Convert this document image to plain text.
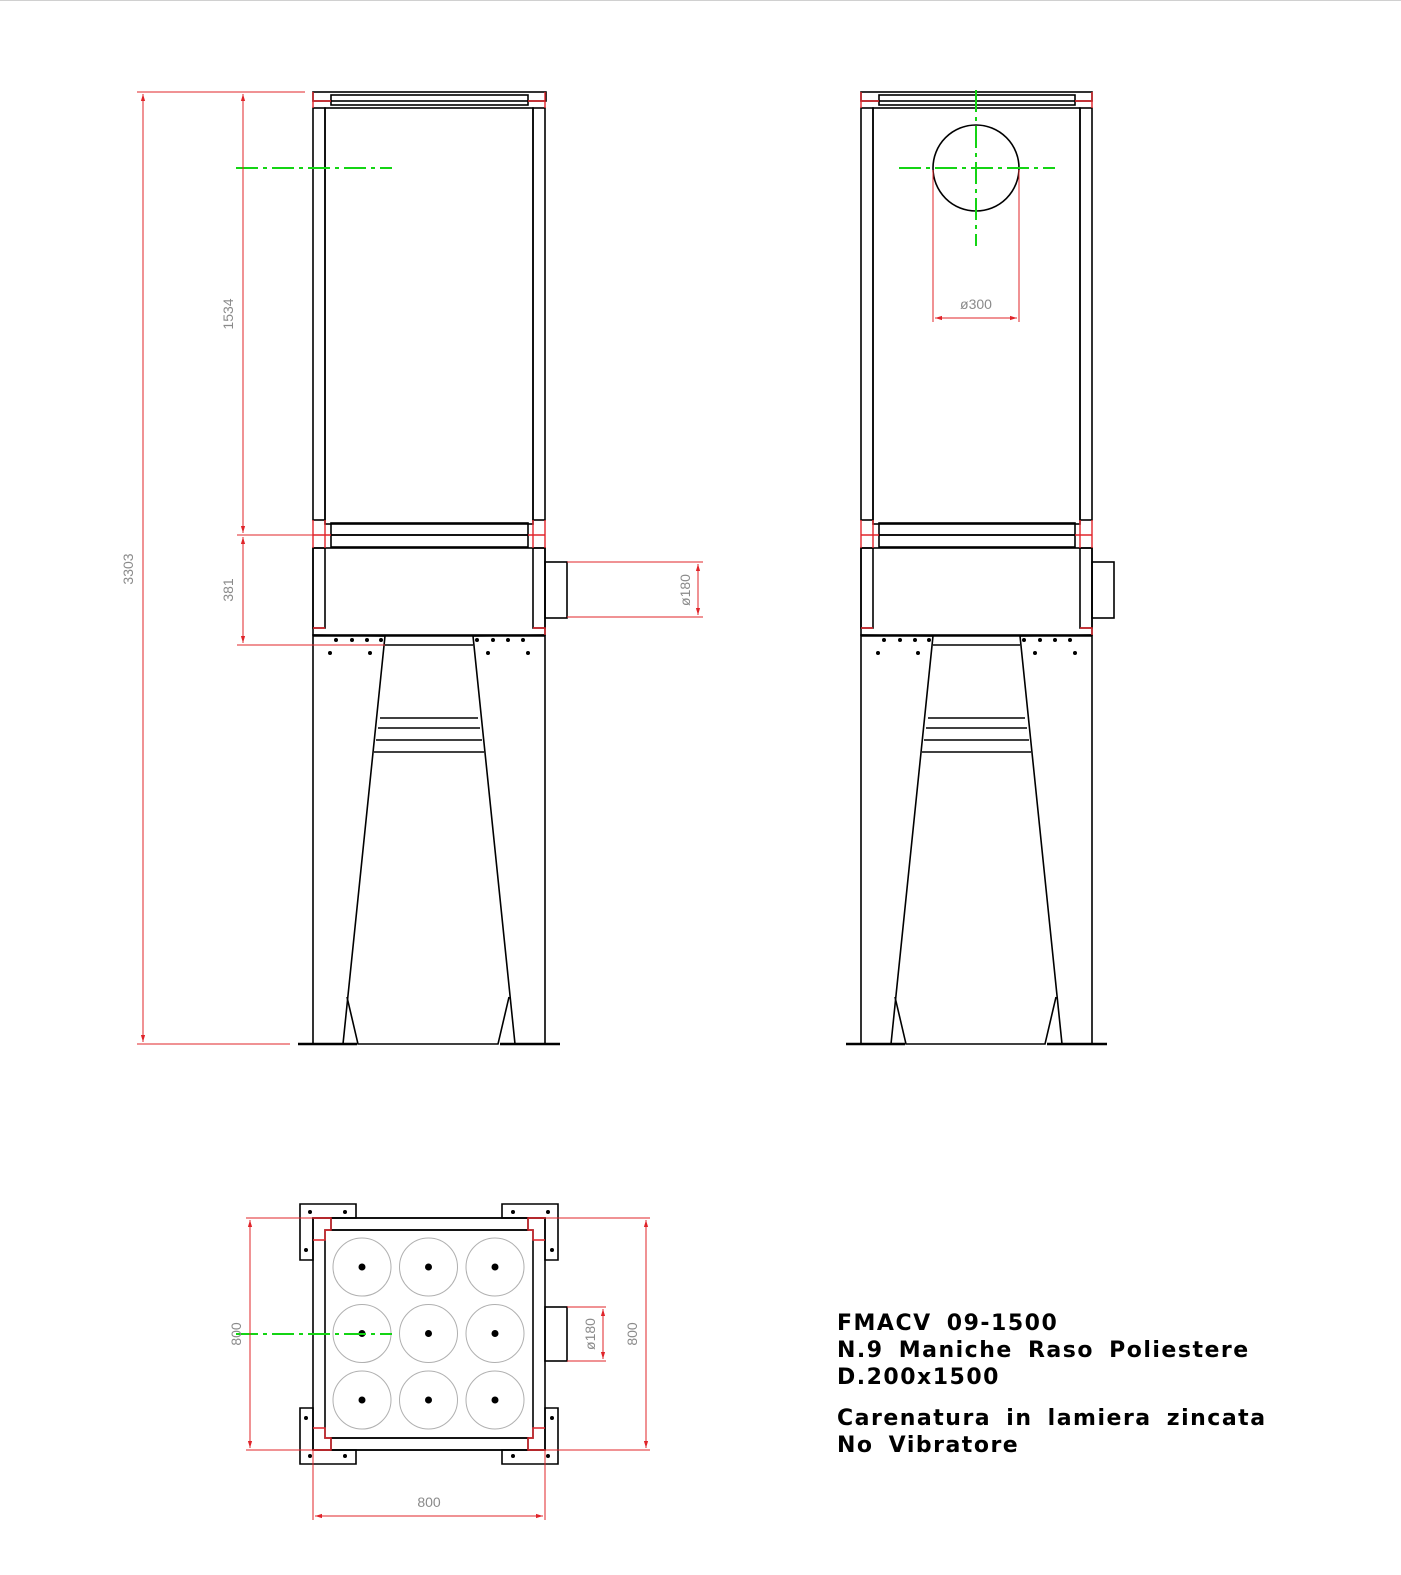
3303
1534
381	ø180
ø300
800	800
ø180
800
FMACV 09-1500
N.9 Maniche Raso Poliestere
D.200x1500
Carenatura in lamiera zincata
No Vibratore
